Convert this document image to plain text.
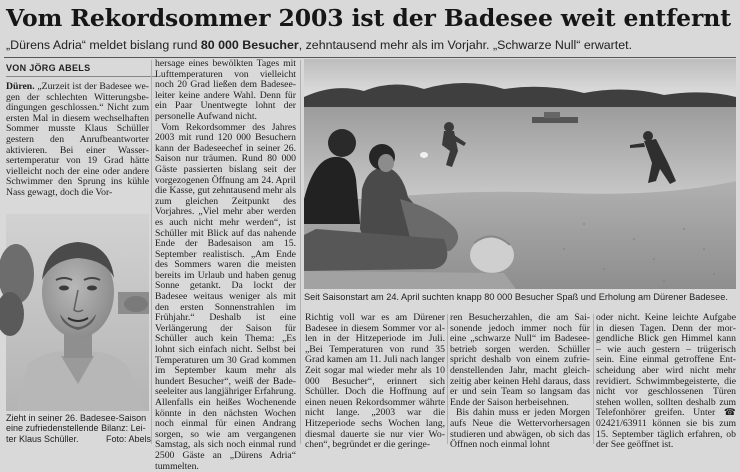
Vom Rekordsommer 2003 ist der Badesee weit entfernt
„Dürens Adria“ meldet bislang rund 80 000 Besucher, zehntausend mehr als im Vorjahr. „Schwarze Null“ erwartet.
VON JÖRG ABELS

Düren. „Zurzeit ist der Badesee wegen der schlechten Witterungsbedingungen geschlossen.“ Nicht zum ersten Mal in diesem wechselhaften Sommer musste Klaus Schüller gestern den Anrufbeantworter aktivieren. Bei einer Wassersertemperatur von 19 Grad hätte vielleicht noch der eine oder andere Schwimmer den Sprung ins kühle Nass gewagt, doch die Vor-

hersage eines bewölkten Tages mit Lufttemperaturen von vielleicht noch 20 Grad ließen dem Badeseeleiter keine andere Wahl. Denn für ein Paar Unentwegte lohnt der personelle Aufwand nicht.

Vom Rekordsommer des Jahres 2003 mit rund 120 000 Besuchern kann der Badeseechef in seiner 26. Saison nur träumen. Rund 80 000 Gäste passierten bislang seit der vorgezogenen Öffnung am 24. April die Kasse, gut zehntausend mehr als zum gleichen Zeitpunkt des Vorjahres. „Viel mehr aber werden es auch nicht mehr werden“, ist Schüller mit Blick auf das nahende Ende der Badesaison am 15. September realistisch. „Am Ende des Sommers waren die meisten bereits im Urlaub und haben genug Sonne getankt. Da lockt der Badesee weitaus weniger als mit den ersten Sonnenstrahlen im Frühjahr.“ Deshalb ist eine Verlängerung der Saison für Schüller auch kein Thema: „Es lohnt sich einfach nicht. Selbst bei Temperaturen um 30 Grad kommen im September kaum mehr als hundert Besucher“, weiß der Badeseeleiter aus langjähriger Erfahrung. Allenfalls ein heißes Wochenende könnte in den nächsten Wochen noch einmal für einen Andrang sorgen, so wie am vergangenen Samstag, als sich noch einmal rund 2500 Gäste an „Dürens Adria“ tummelten.

Zieht in seiner 26. Badesee-Saison eine zufriedenstellende Bilanz: Leiter Klaus Schüller.	Foto: Abels
Seit Saisonstart am 24. April suchten knapp 80 000 Besucher Spaß und Erholung am Dürener Badesee.

Richtig voll war es am Dürener Badesee in diesem Sommer vor allen in der Hitzeperiode im Juli. „Bei Temperaturen von rund 35 Grad kamen am 11. Juli nach langer Zeit sogar mal wieder mehr als 10 000 Besucher“, erinnert sich Schüller. Doch die Hoffnung auf einen neuen Rekordsommer währte nicht lange. „2003 war die Hitzeperiode sechs Wochen lang, diesmal dauerte sie nur vier Wochen“, begründet er die geringe-

ren Besucherzahlen, die am Saisonende jedoch immer noch für eine „schwarze Null“ im Badeseebetrieb sorgen werden. Schüller spricht deshalb von einem zufriedenstellenden Jahr, macht gleichzeitig aber keinen Hehl daraus, dass er und sein Team so langsam das Ende der Saison herbeisehnen.

Bis dahin muss er jeden Morgen aufs Neue die Wettervorhersagen studieren und abwägen, ob sich das Öffnen noch einmal lohnt

oder nicht. Keine leichte Aufgabe in diesen Tagen. Denn der morgendliche Blick gen Himmel kann – wie auch gestern – trügerisch sein. Eine einmal getroffene Entscheidung aber wird nicht mehr revidiert. Schwimmbegeisterte, die nicht vor geschlossenen Türen stehen wollen, sollten deshalb zum Telefonhörer greifen. Unter ☎ 02421/63911 können sie bis zum 15. September täglich erfahren, ob der See geöffnet ist.
